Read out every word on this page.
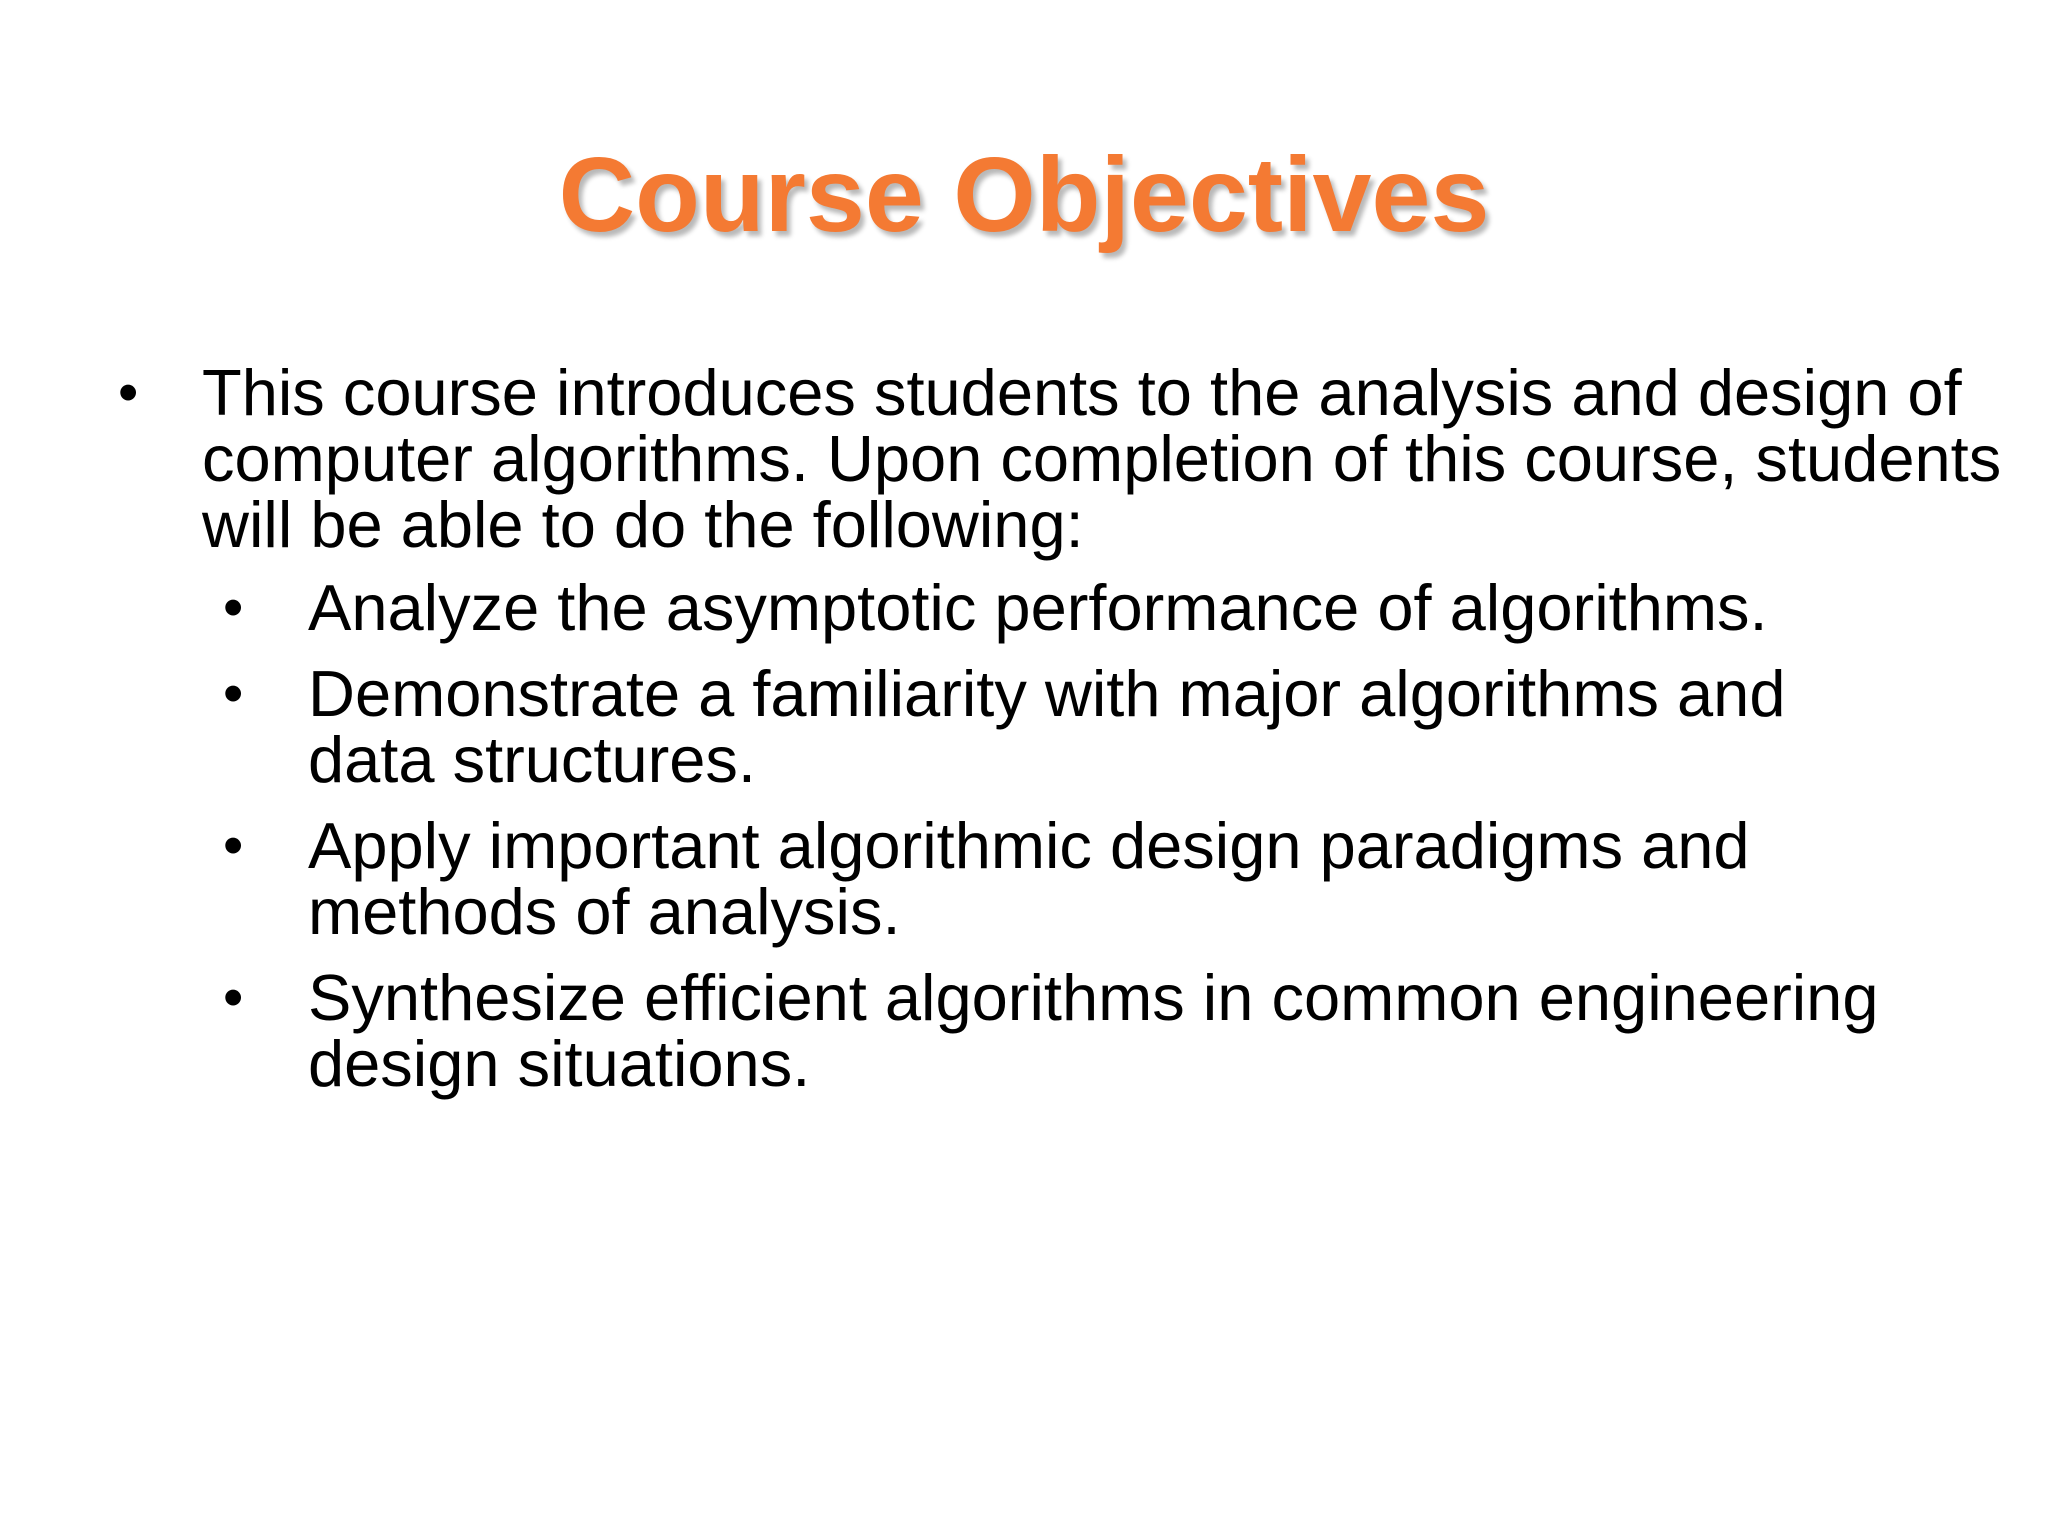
Course Objectives
• This course introduces students to the analysis and design of computer algorithms. Upon completion of this course, students will be able to do the following:
• Analyze the asymptotic performance of algorithms.
• Demonstrate a familiarity with major algorithms and data structures.
• Apply important algorithmic design paradigms and methods of analysis.
• Synthesize efficient algorithms in common engineering design situations.
